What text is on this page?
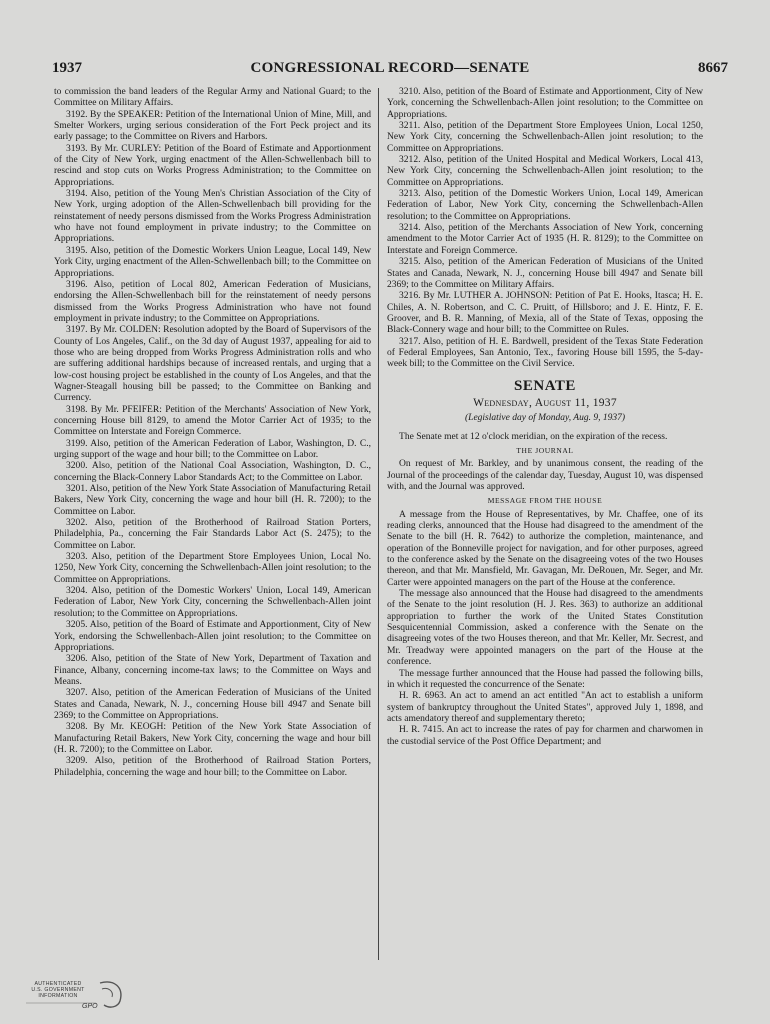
1937	CONGRESSIONAL RECORD—SENATE	8667

to commission the band leaders of the Regular Army and National Guard; to the Committee on Military Affairs.

3192. By the SPEAKER: Petition of the International Union of Mine, Mill, and Smelter Workers, urging serious consideration of the Fort Peck project and its early passage; to the Committee on Rivers and Harbors.

3193. By Mr. CURLEY: Petition of the Board of Estimate and Apportionment of the City of New York, urging enactment of the Allen-Schwellenbach bill to rescind and stop cuts on Works Progress Administration; to the Committee on Appropriations.

3194. Also, petition of the Young Men's Christian Association of the City of New York, urging adoption of the Allen-Schwellenbach bill providing for the reinstatement of needy persons dismissed from the Works Progress Administration who have not found employment in private industry; to the Committee on Appropriations.

3195. Also, petition of the Domestic Workers Union League, Local 149, New York City, urging enactment of the Allen-Schwellenbach bill; to the Committee on Appropriations.

3196. Also, petition of Local 802, American Federation of Musicians, endorsing the Allen-Schwellenbach bill for the reinstatement of needy persons dismissed from the Works Progress Administration who have not found employment in private industry; to the Committee on Appropriations.

3197. By Mr. COLDEN: Resolution adopted by the Board of Supervisors of the County of Los Angeles, Calif., on the 3d day of August 1937, appealing for aid to those who are being dropped from Works Progress Administration rolls and who are suffering additional hardships because of increased rentals, and urging that a low-cost housing project be established in the county of Los Angeles, and that the Wagner-Steagall housing bill be passed; to the Committee on Banking and Currency.

3198. By Mr. PFEIFER: Petition of the Merchants' Association of New York, concerning House bill 8129, to amend the Motor Carrier Act of 1935; to the Committee on Interstate and Foreign Commerce.

3199. Also, petition of the American Federation of Labor, Washington, D. C., urging support of the wage and hour bill; to the Committee on Labor.

3200. Also, petition of the National Coal Association, Washington, D. C., concerning the Black-Connery Labor Standards Act; to the Committee on Labor.

3201. Also, petition of the New York State Association of Manufacturing Retail Bakers, New York City, concerning the wage and hour bill (H. R. 7200); to the Committee on Labor.

3202. Also, petition of the Brotherhood of Railroad Station Porters, Philadelphia, Pa., concerning the Fair Standards Labor Act (S. 2475); to the Committee on Labor.

3203. Also, petition of the Department Store Employees Union, Local No. 1250, New York City, concerning the Schwellenbach-Allen joint resolution; to the Committee on Appropriations.

3204. Also, petition of the Domestic Workers' Union, Local 149, American Federation of Labor, New York City, concerning the Schwellenbach-Allen joint resolution; to the Committee on Appropriations.

3205. Also, petition of the Board of Estimate and Apportionment, City of New York, endorsing the Schwellenbach-Allen joint resolution; to the Committee on Appropriations.

3206. Also, petition of the State of New York, Department of Taxation and Finance, Albany, concerning income-tax laws; to the Committee on Ways and Means.

3207. Also, petition of the American Federation of Musicians of the United States and Canada, Newark, N. J., concerning House bill 4947 and Senate bill 2369; to the Committee on Appropriations.

3208. By Mr. KEOGH: Petition of the New York State Association of Manufacturing Retail Bakers, New York City, concerning the wage and hour bill (H. R. 7200); to the Committee on Labor.

3209. Also, petition of the Brotherhood of Railroad Station Porters, Philadelphia, concerning the wage and hour bill; to the Committee on Labor.

3210. Also, petition of the Board of Estimate and Apportionment, City of New York, concerning the Schwellenbach-Allen joint resolution; to the Committee on Appropriations.

3211. Also, petition of the Department Store Employees Union, Local 1250, New York City, concerning the Schwellenbach-Allen joint resolution; to the Committee on Appropriations.

3212. Also, petition of the United Hospital and Medical Workers, Local 413, New York City, concerning the Schwellenbach-Allen joint resolution; to the Committee on Appropriations.

3213. Also, petition of the Domestic Workers Union, Local 149, American Federation of Labor, New York City, concerning the Schwellenbach-Allen resolution; to the Committee on Appropriations.

3214. Also, petition of the Merchants Association of New York, concerning amendment to the Motor Carrier Act of 1935 (H. R. 8129); to the Committee on Interstate and Foreign Commerce.

3215. Also, petition of the American Federation of Musicians of the United States and Canada, Newark, N. J., concerning House bill 4947 and Senate bill 2369; to the Committee on Military Affairs.

3216. By Mr. LUTHER A. JOHNSON: Petition of Pat E. Hooks, Itasca; H. E. Chiles, A. N. Robertson, and C. C. Pruitt, of Hillsboro; and J. E. Hintz, F. E. Groover, and B. R. Manning, of Mexia, all of the State of Texas, opposing the Black-Connery wage and hour bill; to the Committee on Rules.

3217. Also, petition of H. E. Bardwell, president of the Texas State Federation of Federal Employees, San Antonio, Tex., favoring House bill 1595, the 5-day-week bill; to the Committee on the Civil Service.

SENATE
Wednesday, August 11, 1937
(Legislative day of Monday, Aug. 9, 1937)

The Senate met at 12 o'clock meridian, on the expiration of the recess.

THE JOURNAL

On request of Mr. Barkley, and by unanimous consent, the reading of the Journal of the proceedings of the calendar day, Tuesday, August 10, was dispensed with, and the Journal was approved.

MESSAGE FROM THE HOUSE

A message from the House of Representatives, by Mr. Chaffee, one of its reading clerks, announced that the House had disagreed to the amendment of the Senate to the bill (H. R. 7642) to authorize the completion, maintenance, and operation of the Bonneville project for navigation, and for other purposes, agreed to the conference asked by the Senate on the disagreeing votes of the two Houses thereon, and that Mr. Mansfield, Mr. Gavagan, Mr. DeRouen, Mr. Seger, and Mr. Carter were appointed managers on the part of the House at the conference.

The message also announced that the House had disagreed to the amendments of the Senate to the joint resolution (H. J. Res. 363) to authorize an additional appropriation to further the work of the United States Constitution Sesquicentennial Commission, asked a conference with the Senate on the disagreeing votes of the two Houses thereon, and that Mr. Keller, Mr. Secrest, and Mr. Treadway were appointed managers on the part of the House at the conference.

The message further announced that the House had passed the following bills, in which it requested the concurrence of the Senate:

H. R. 6963. An act to amend an act entitled "An act to establish a uniform system of bankruptcy throughout the United States", approved July 1, 1898, and acts amendatory thereof and supplementary thereto;

H. R. 7415. An act to increase the rates of pay for charmen and charwomen in the custodial service of the Post Office Department; and

AUTHENTICATED
U.S. GOVERNMENT
INFORMATION
GPO
